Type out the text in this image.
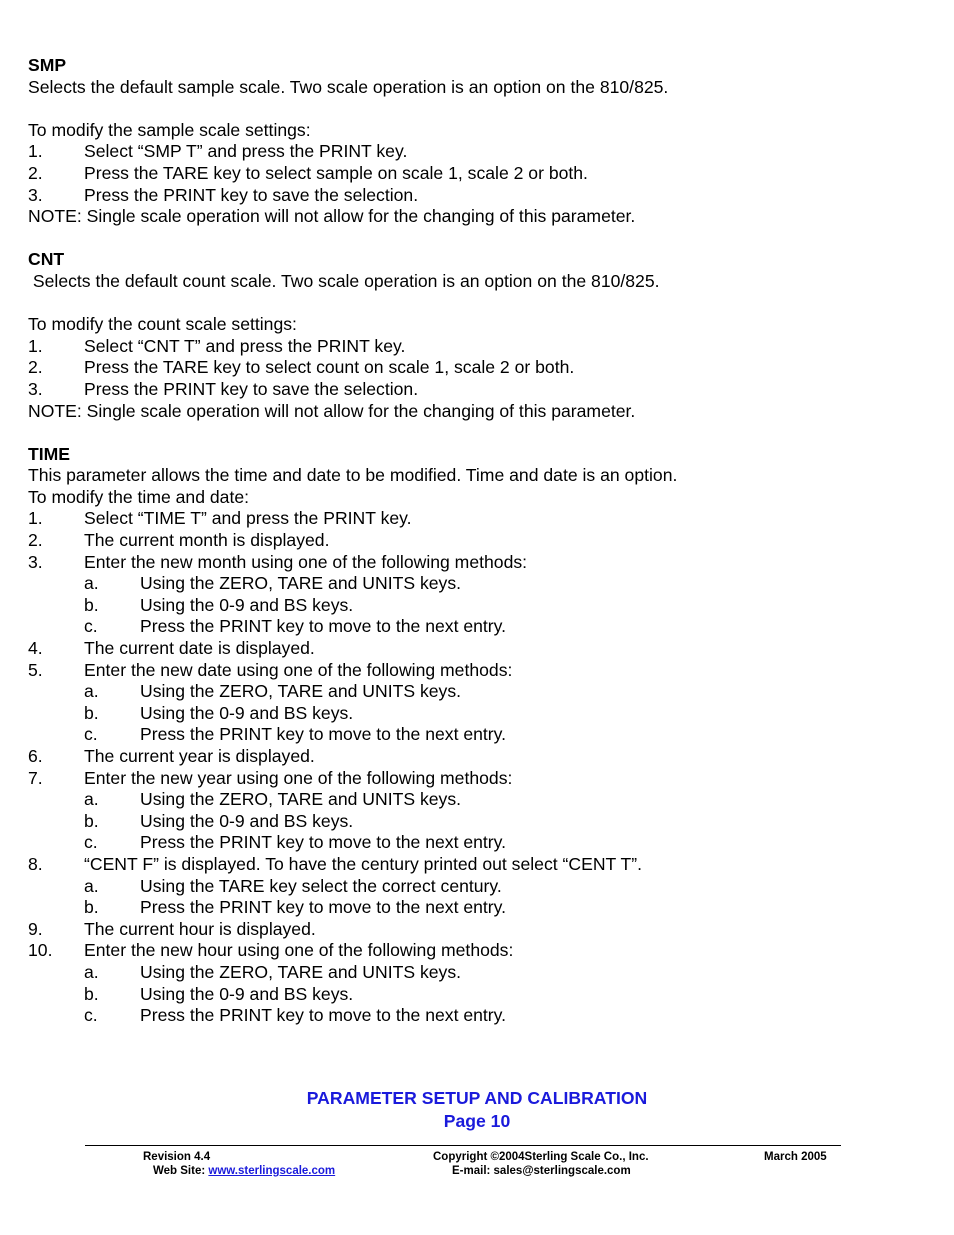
SMP
Selects the default sample scale. Two scale operation is an option on the 810/825.
To modify the sample scale settings:
1. Select “SMP T” and press the PRINT key.
2. Press the TARE key to select sample on scale 1, scale 2 or both.
3. Press the PRINT key to save the selection.
NOTE: Single scale operation will not allow for the changing of this parameter.
CNT
Selects the default count scale. Two scale operation is an option on the 810/825.
To modify the count scale settings:
1. Select “CNT T” and press the PRINT key.
2. Press the TARE key to select count on scale 1, scale 2 or both.
3. Press the PRINT key to save the selection.
NOTE: Single scale operation will not allow for the changing of this parameter.
TIME
This parameter allows the time and date to be modified. Time and date is an option.
To modify the time and date:
1. Select “TIME T” and press the PRINT key.
2. The current month is displayed.
3. Enter the new month using one of the following methods:
a. Using the ZERO, TARE and UNITS keys.
b. Using the 0-9 and BS keys.
c. Press the PRINT key to move to the next entry.
4. The current date is displayed.
5. Enter the new date using one of the following methods:
a. Using the ZERO, TARE and UNITS keys.
b. Using the 0-9 and BS keys.
c. Press the PRINT key to move to the next entry.
6. The current year is displayed.
7. Enter the new year using one of the following methods:
a. Using the ZERO, TARE and UNITS keys.
b. Using the 0-9 and BS keys.
c. Press the PRINT key to move to the next entry.
8. “CENT F” is displayed. To have the century printed out select “CENT T”.
a. Using the TARE key select the correct century.
b. Press the PRINT key to move to the next entry.
9. The current hour is displayed.
10. Enter the new hour using one of the following methods:
a. Using the ZERO, TARE and UNITS keys.
b. Using the 0-9 and BS keys.
c. Press the PRINT key to move to the next entry.
PARAMETER SETUP AND CALIBRATION
Page 10
Revision 4.4	Copyright ©2004Sterling Scale Co., Inc.	March 2005
Web Site: www.sterlingscale.com	E-mail: sales@sterlingscale.com
